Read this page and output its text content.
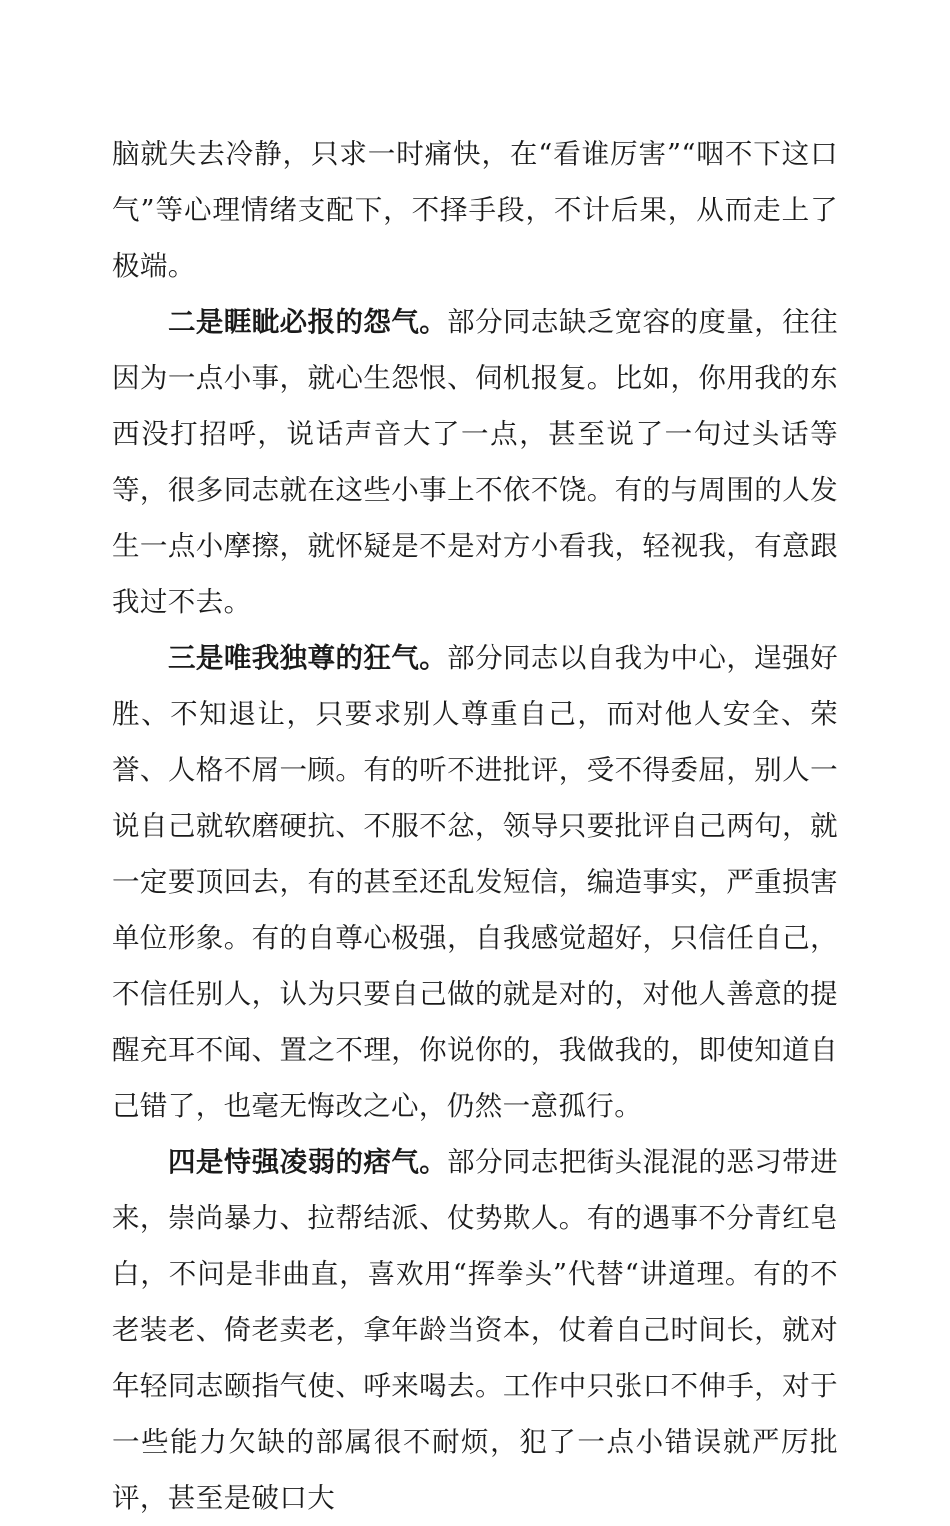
脑就失去冷静，只求一时痛快，在“看谁厉害”“咽不下这口气”等心理情绪支配下，不择手段，不计后果，从而走上了极端。

二是睚眦必报的怨气。部分同志缺乏宽容的度量，往往因为一点小事，就心生怨恨、伺机报复。比如，你用我的东西没打招呼，说话声音大了一点，甚至说了一句过头话等等，很多同志就在这些小事上不依不饶。有的与周围的人发生一点小摩擦，就怀疑是不是对方小看我，轻视我，有意跟我过不去。

三是唯我独尊的狂气。部分同志以自我为中心，逞强好胜、不知退让，只要求别人尊重自己，而对他人安全、荣誉、人格不屑一顾。有的听不进批评，受不得委屈，别人一说自己就软磨硬抗、不服不忿，领导只要批评自己两句，就一定要顶回去，有的甚至还乱发短信，编造事实，严重损害单位形象。有的自尊心极强，自我感觉超好，只信任自己，不信任别人，认为只要自己做的就是对的，对他人善意的提醒充耳不闻、置之不理，你说你的，我做我的，即使知道自己错了，也毫无悔改之心，仍然一意孤行。

四是恃强凌弱的痞气。部分同志把街头混混的恶习带进来，崇尚暴力、拉帮结派、仗势欺人。有的遇事不分青红皂白，不问是非曲直，喜欢用“挥拳头”代替“讲道理。有的不老装老、倚老卖老，拿年龄当资本，仗着自己时间长，就对年轻同志颐指气使、呼来喝去。工作中只张口不伸手，对于一些能力欠缺的部属很不耐烦，犯了一点小错误就严厉批评，甚至是破口大
